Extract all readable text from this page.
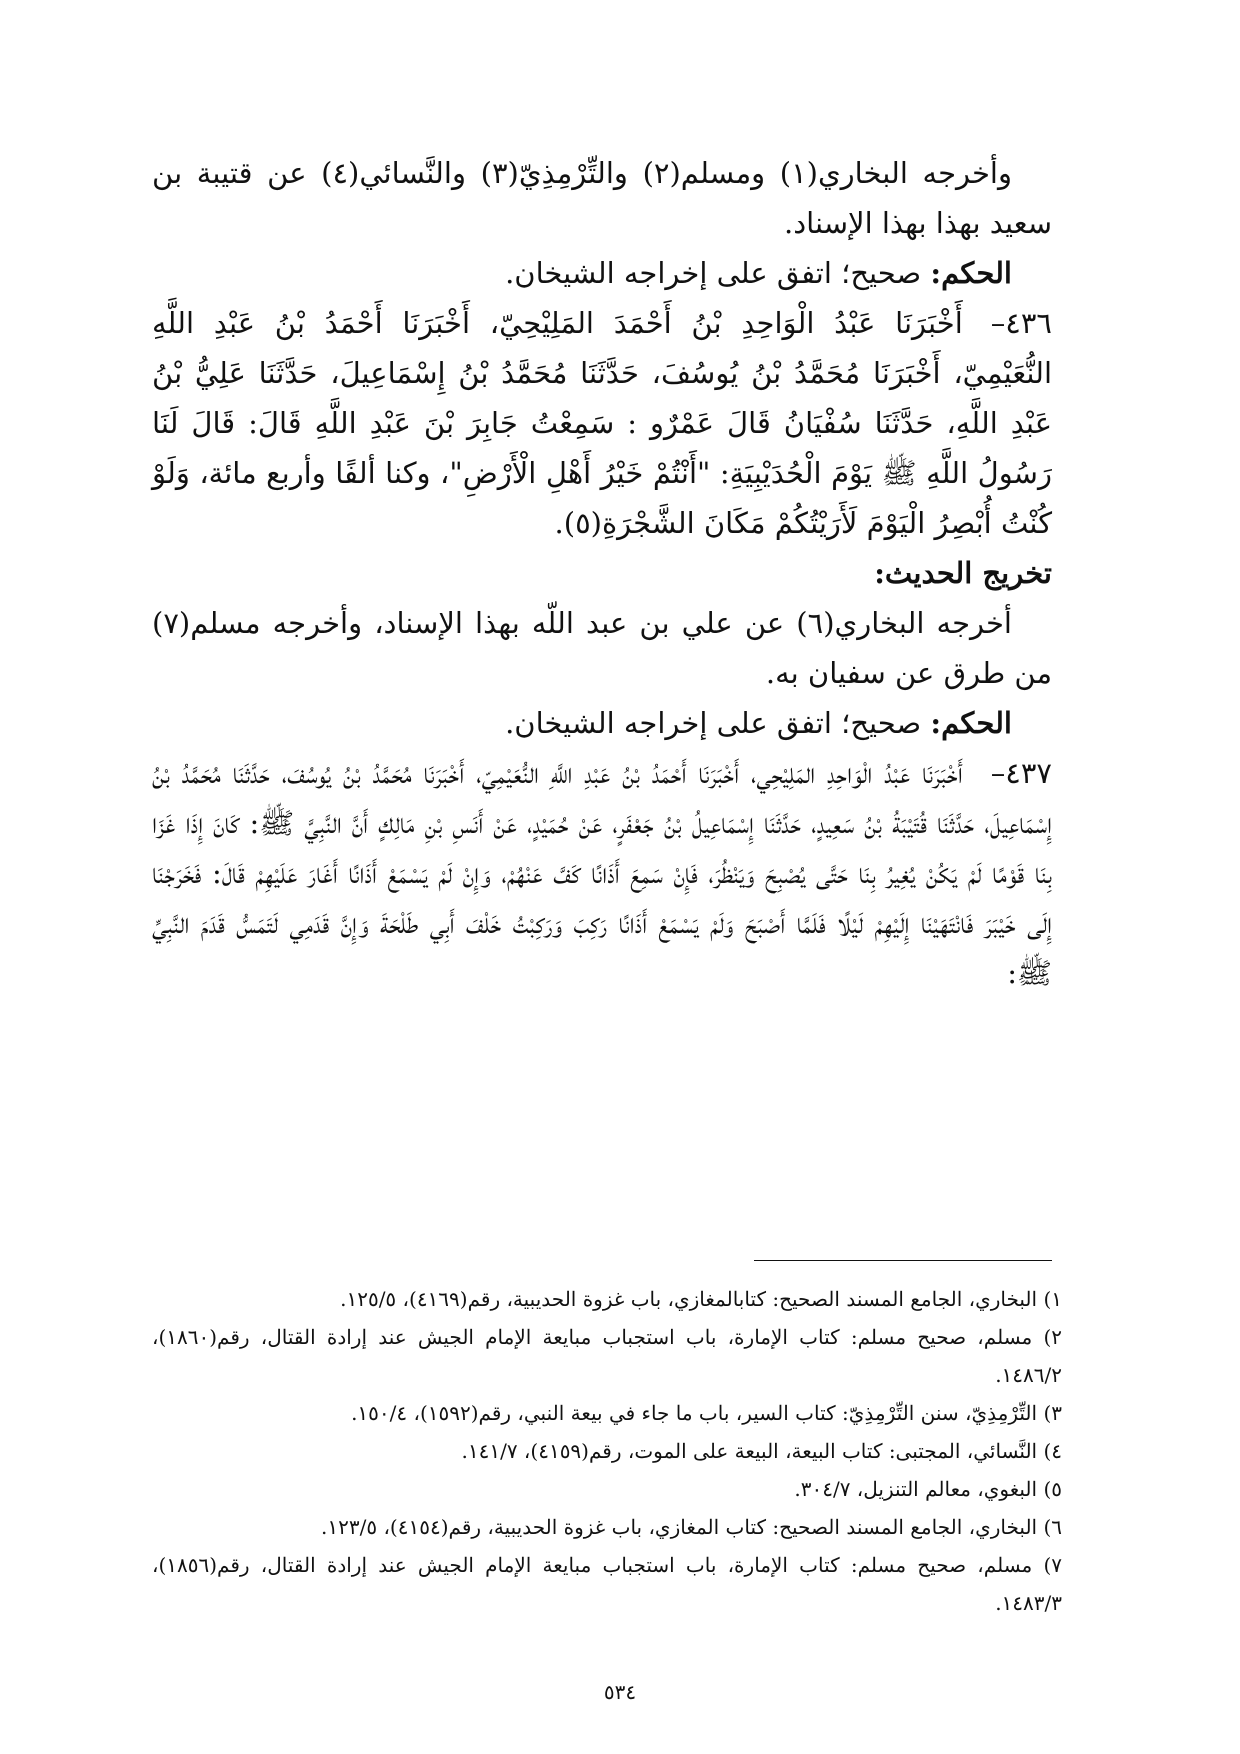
وأخرجه البخاري(١) ومسلم(٢) والتِّرْمِذِيّ(٣) والنَّسائي(٤) عن قتيبة بن سعيد بهذا بهذا الإسناد.

الحكم: صحيح؛ اتفق على إخراجه الشيخان.

٤٣٦–أَخْبَرَنَا عَبْدُ الْوَاحِدِ بْنُ أَحْمَدَ المَلِيْحِيّ، أَخْبَرَنَا أَحْمَدُ بْنُ عَبْدِ اللَّهِ النُّعَيْمِيّ، أَخْبَرَنَا مُحَمَّدُ بْنُ يُوسُفَ، حَدَّثَنَا مُحَمَّدُ بْنُ إِسْمَاعِيلَ، حَدَّثَنَا عَلِيُّ بْنُ عَبْدِ اللَّهِ، حَدَّثَنَا سُفْيَانُ قَالَ عَمْرٌو : سَمِعْتُ جَابِرَ بْنَ عَبْدِ اللَّهِ قَالَ: قَالَ لَنَا رَسُولُ اللَّهِ ﷺ يَوْمَ الْحُدَيْبِيَةِ: "أَنْتُمْ خَيْرُ أَهْلِ الْأَرْضِ"، وكنا ألفًا وأربع مائة، وَلَوْ كُنْتُ أُبْصِرُ الْيَوْمَ لَأَرَيْتُكُمْ مَكَانَ الشَّجْرَةِ(٥).

تخريج الحديث:

أخرجه البخاري(٦) عن علي بن عبد اللّه بهذا الإسناد، وأخرجه مسلم(٧) من طرق عن سفيان به.

الحكم: صحيح؛ اتفق على إخراجه الشيخان.

٤٣٧–أَخْبَرَنَا عَبْدُ الْوَاحِدِ المَلِيْحِي، أَخْبَرَنَا أَحْمَدُ بْنُ عَبْدِ اللَّهِ النُّعَيْمِيّ، أَخْبَرَنَا مُحَمَّدُ بْنُ يُوسُفَ، حَدَّثَنَا مُحَمَّدُ بْنُ إِسْمَاعِيلَ، حَدَّثَنَا قُتَيْبَةُ بْنُ سَعِيدٍ، حَدَّثَنَا إِسْمَاعِيلُ بْنُ جَعْفَرٍ، عَنْ حُمَيْدٍ، عَنْ أَنَسِ بْنِ مَالِكٍ أَنَّ النَّبِيَّ ﷺ: كَانَ إِذَا غَزَا بِنَا قَوْمًا لَمْ يَكُنْ يُغِيرُ بِنَا حَتَّى يُصْبِحَ وَيَنْظُرَ، فَإِنْ سَمِعَ أَذَانًا كَفَّ عَنْهُمْ، وَإِنْ لَمْ يَسْمَعْ أَذَانًا أَغَارَ عَلَيْهِمْ قَالَ: فَخَرَجْنَا إِلَى خَيْبَرَ فَانْتَهَيْنَا إِلَيْهِمْ لَيْلًا فَلَمَّا أَصْبَحَ وَلَمْ يَسْمَعْ أَذَانًا رَكِبَ وَرَكِبْتُ خَلْفَ أَبِي طَلْحَةَ وَإِنَّ قَدَمِي لَتَمَسُّ قَدَمَ النَّبِيِّ ﷺ:

١) البخاري، الجامع المسند الصحيح: كتابالمغازي، باب غزوة الحديبية، رقم(٤١٦٩)، ١٢٥/٥.

٢) مسلم، صحيح مسلم: كتاب الإمارة، باب استجباب مبايعة الإمام الجيش عند إرادة القتال، رقم(١٨٦٠)، ١٤٨٦/٢.

٣) التِّرْمِذِيّ، سنن التِّرْمِذِيّ: كتاب السير، باب ما جاء في بيعة النبي، رقم(١٥٩٢)، ١٥٠/٤.

٤) النَّسائي، المجتبى: كتاب البيعة، البيعة على الموت، رقم(٤١٥٩)، ١٤١/٧.

٥) البغوي، معالم التنزيل، ٣٠٤/٧.

٦) البخاري، الجامع المسند الصحيح: كتاب المغازي، باب غزوة الحديبية، رقم(٤١٥٤)، ١٢٣/٥.

٧) مسلم، صحيح مسلم: كتاب الإمارة، باب استجباب مبايعة الإمام الجيش عند إرادة القتال، رقم(١٨٥٦)، ١٤٨٣/٣.

٥٣٤
